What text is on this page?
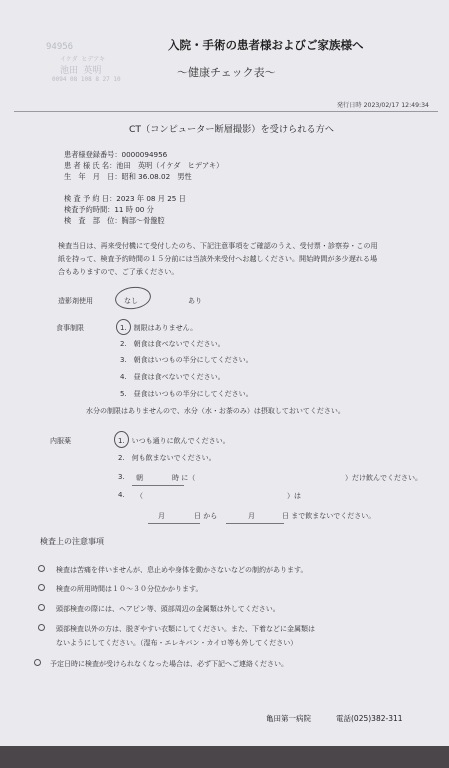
94956
イケダ ヒデアキ
池田 英明
0094 08 108 8 27 10
入院・手術の患者様およびご家族様へ
～健康チェック表～
発行日時 2023/02/17 12:49:34
CT（コンピューター断層撮影）を受けられる方へ
患者様登録番号：0000094956
患 者 様 氏 名：池田　英明（イケダ　ヒデアキ）
生　年　月　日：昭和 36.08.02　男性
検 査 予 約 日：2023 年 08 月 25 日
検査予約時間：11 時 00 分
検　査　部　位：胸部～骨盤腔
検査当日は、再来受付機にて受付したのち、下記注意事項をご確認のうえ、受付票・診察券・この用
紙を持って、検査予約時間の１５分前には当該外来受付へお越しください。開始時間が多少遅れる場
合もありますので、ご了承ください。
造影剤使用	なし	あり
食事制限	1.　制限はありません。
2.　朝食は食べないでください。
3.　朝食はいつもの半分にしてください。
4.　昼食は食べないでください。
5.　昼食はいつもの半分にしてください。
水分の制限はありませんので、水分（水・お茶のみ）は摂取しておいてください。
内服薬	1.　いつも通りに飲んでください。
2.　何も飲まないでください。
3. 朝	時 に（	）だけ飲んでください。
4. （	）は
月	日 から	月	日 まで飲まないでください。
検査上の注意事項
検査は苦痛を伴いませんが、息止めや身体を動かさないなどの制約があります。
検査の所用時間は１０～３０分位かかります。
頭部検査の際には、ヘアピン等、頭部周辺の金属類は外してください。
頭部検査以外の方は、脱ぎやすい衣類にしてください。また、下着などに金属類は
ないようにしてください。（湿布・エレキバン・カイロ等も外してください）
予定日時に検査が受けられなくなった場合は、必ず下記へご連絡ください。
亀田第一病院	電話(025)382-311
